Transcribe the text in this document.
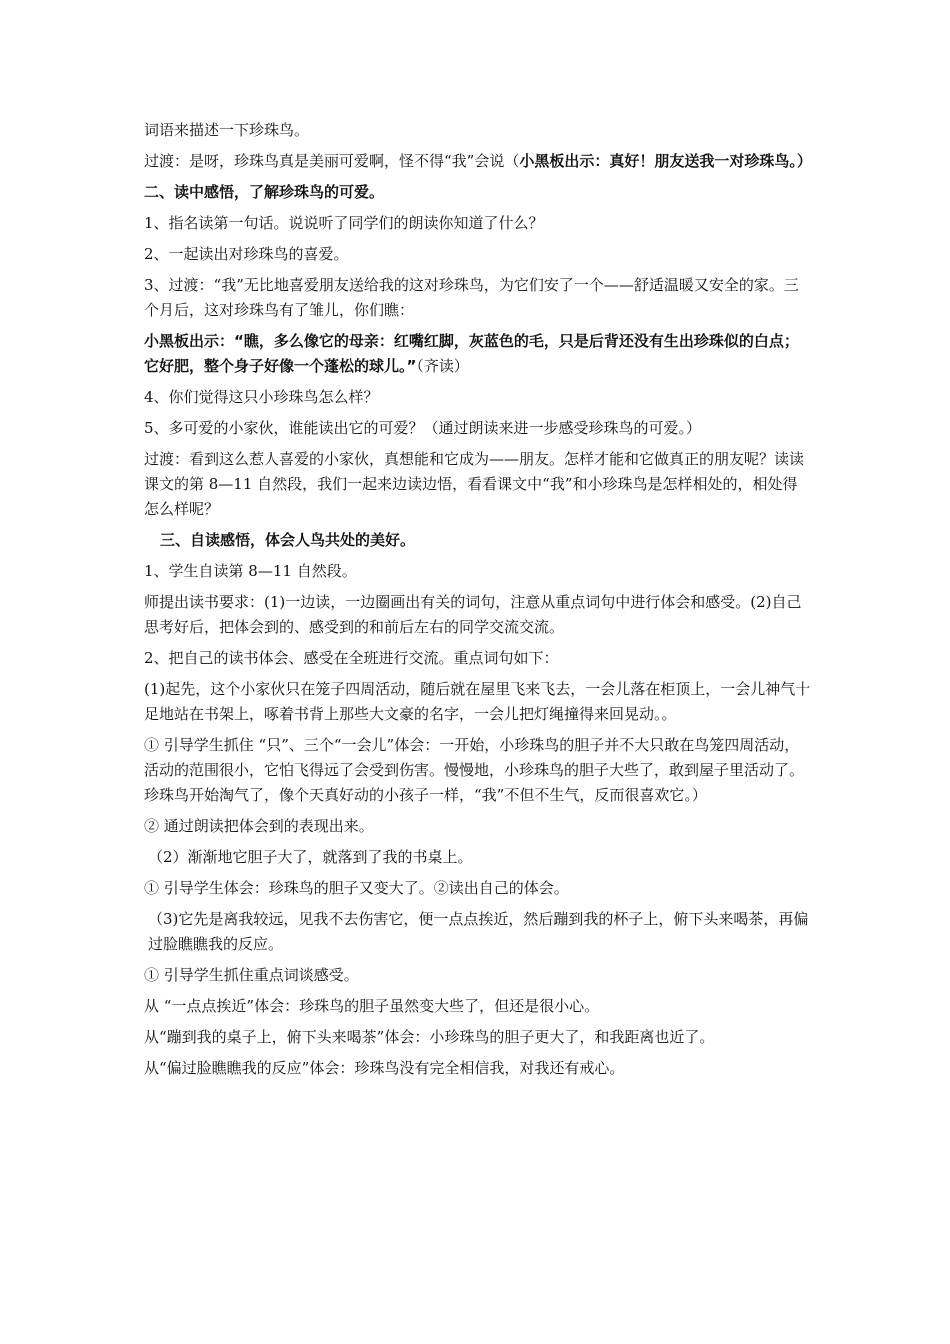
词语来描述一下珍珠鸟。

过渡：是呀，珍珠鸟真是美丽可爱啊，怪不得“我”会说（小黑板出示：真好！朋友送我一对珍珠鸟。）

二、读中感悟，了解珍珠鸟的可爱。

1、指名读第一句话。说说听了同学们的朗读你知道了什么？

2、一起读出对珍珠鸟的喜爱。

3、过渡：“我”无比地喜爱朋友送给我的这对珍珠鸟，为它们安了一个——舒适温暖又安全的家。三个月后，这对珍珠鸟有了雏儿，你们瞧：

小黑板出示：“瞧，多么像它的母亲：红嘴红脚，灰蓝色的毛，只是后背还没有生出珍珠似的白点；它好肥，整个身子好像一个蓬松的球儿。”（齐读）

4、你们觉得这只小珍珠鸟怎么样？

5、多可爱的小家伙，谁能读出它的可爱？（通过朗读来进一步感受珍珠鸟的可爱。）

过渡：看到这么惹人喜爱的小家伙，真想能和它成为——朋友。怎样才能和它做真正的朋友呢？读读课文的第 8—11 自然段，我们一起来边读边悟，看看课文中“我”和小珍珠鸟是怎样相处的，相处得怎么样呢？

三、自读感悟，体会人鸟共处的美好。

1、学生自读第 8—11 自然段。

师提出读书要求：(1)一边读，一边圈画出有关的词句，注意从重点词句中进行体会和感受。(2)自己思考好后，把体会到的、感受到的和前后左右的同学交流交流。

2、把自己的读书体会、感受在全班进行交流。重点词句如下：

(1)起先，这个小家伙只在笼子四周活动，随后就在屋里飞来飞去，一会儿落在柜顶上，一会儿神气十足地站在书架上，啄着书背上那些大文豪的名字，一会儿把灯绳撞得来回晃动。。

① 引导学生抓住 “只”、三个“一会儿”体会：一开始，小珍珠鸟的胆子并不大只敢在鸟笼四周活动，活动的范围很小，它怕飞得远了会受到伤害。慢慢地，小珍珠鸟的胆子大些了，敢到屋子里活动了。珍珠鸟开始淘气了，像个天真好动的小孩子一样，“我”不但不生气，反而很喜欢它。）

② 通过朗读把体会到的表现出来。

（2）渐渐地它胆子大了，就落到了我的书桌上。

① 引导学生体会：珍珠鸟的胆子又变大了。②读出自己的体会。

（3)它先是离我较远，见我不去伤害它，便一点点挨近，然后蹦到我的杯子上，俯下头来喝茶，再偏过脸瞧瞧我的反应。

① 引导学生抓住重点词谈感受。

从 “一点点挨近”体会：珍珠鸟的胆子虽然变大些了，但还是很小心。

从“蹦到我的桌子上，俯下头来喝茶”体会：小珍珠鸟的胆子更大了，和我距离也近了。

从“偏过脸瞧瞧我的反应”体会：珍珠鸟没有完全相信我，对我还有戒心。
